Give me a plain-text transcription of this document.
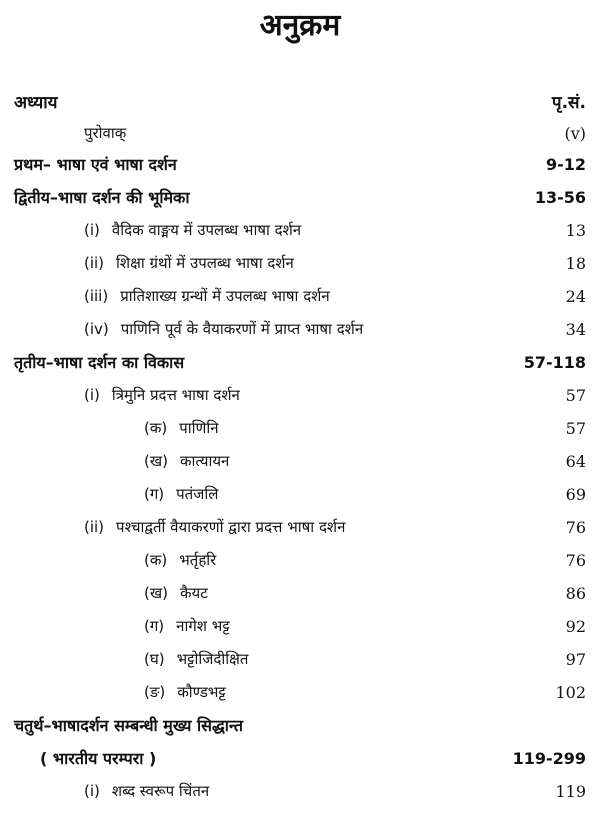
अनुक्रम
अध्याय	पृ.सं.
पुरोवाक्	(v)
प्रथम– भाषा एवं भाषा दर्शन	9-12
द्वितीय–भाषा दर्शन की भूमिका	13-56
(i) वैदिक वाङ्मय में उपलब्ध भाषा दर्शन	13
(ii) शिक्षा ग्रंथों में उपलब्ध भाषा दर्शन	18
(iii) प्रातिशाख्य ग्रन्थों में उपलब्ध भाषा दर्शन	24
(iv) पाणिनि पूर्व के वैयाकरणों में प्राप्त भाषा दर्शन	34
तृतीय–भाषा दर्शन का विकास	57-118
(i) त्रिमुनि प्रदत्त भाषा दर्शन	57
(क) पाणिनि	57
(ख) कात्यायन	64
(ग) पतंजलि	69
(ii) पश्चाद्वर्ती वैयाकरणों द्वारा प्रदत्त भाषा दर्शन	76
(क) भर्तृहरि	76
(ख) कैयट	86
(ग) नागेश भट्ट	92
(घ) भट्टोजिदीक्षित	97
(ङ) कौण्डभट्ट	102
चतुर्थ–भाषादर्शन सम्बन्धी मुख्य सिद्धान्त
( भारतीय परम्परा )	119-299
(i) शब्द स्वरूप चिंतन	119
